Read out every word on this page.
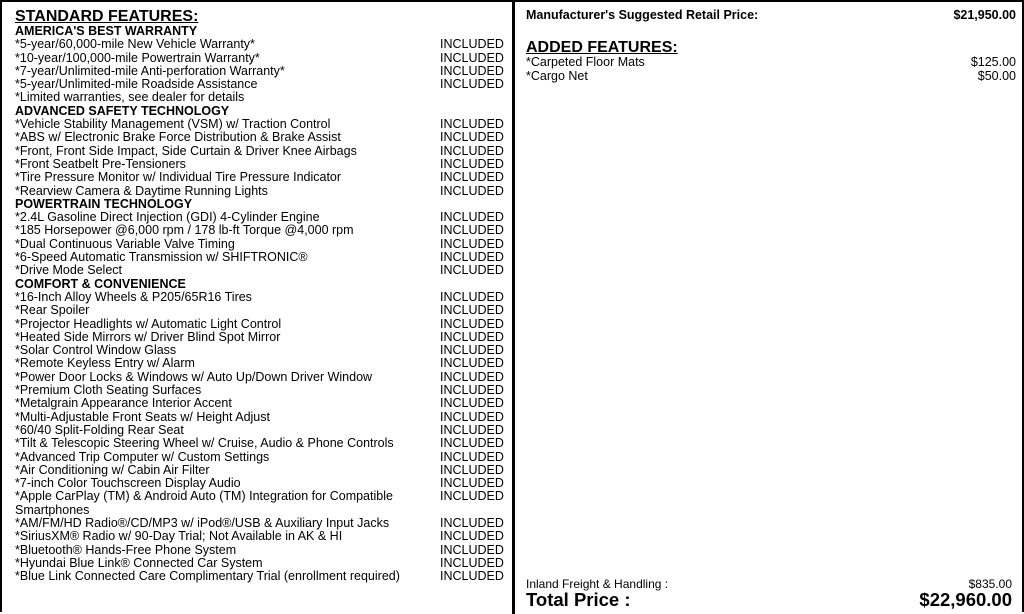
STANDARD FEATURES:
AMERICA'S BEST WARRANTY
*5-year/60,000-mile New Vehicle Warranty*	INCLUDED
*10-year/100,000-mile Powertrain Warranty*	INCLUDED
*7-year/Unlimited-mile Anti-perforation Warranty*	INCLUDED
*5-year/Unlimited-mile Roadside Assistance	INCLUDED
*Limited warranties, see dealer for details
ADVANCED SAFETY TECHNOLOGY
*Vehicle Stability Management (VSM) w/ Traction Control	INCLUDED
*ABS w/ Electronic Brake Force Distribution & Brake Assist	INCLUDED
*Front, Front Side Impact, Side Curtain & Driver Knee Airbags	INCLUDED
*Front Seatbelt Pre-Tensioners	INCLUDED
*Tire Pressure Monitor w/ Individual Tire Pressure Indicator	INCLUDED
*Rearview Camera & Daytime Running Lights	INCLUDED
POWERTRAIN TECHNOLOGY
*2.4L Gasoline Direct Injection (GDI) 4-Cylinder Engine	INCLUDED
*185 Horsepower @6,000 rpm / 178 lb-ft Torque @4,000 rpm	INCLUDED
*Dual Continuous Variable Valve Timing	INCLUDED
*6-Speed Automatic Transmission w/ SHIFTRONIC®	INCLUDED
*Drive Mode Select	INCLUDED
COMFORT & CONVENIENCE
*16-Inch Alloy Wheels & P205/65R16 Tires	INCLUDED
*Rear Spoiler	INCLUDED
*Projector Headlights w/ Automatic Light Control	INCLUDED
*Heated Side Mirrors w/ Driver Blind Spot Mirror	INCLUDED
*Solar Control Window Glass	INCLUDED
*Remote Keyless Entry w/ Alarm	INCLUDED
*Power Door Locks & Windows w/ Auto Up/Down Driver Window	INCLUDED
*Premium Cloth Seating Surfaces	INCLUDED
*Metalgrain Appearance Interior Accent	INCLUDED
*Multi-Adjustable Front Seats w/ Height Adjust	INCLUDED
*60/40 Split-Folding Rear Seat	INCLUDED
*Tilt & Telescopic Steering Wheel w/ Cruise, Audio & Phone Controls	INCLUDED
*Advanced Trip Computer w/ Custom Settings	INCLUDED
*Air Conditioning w/ Cabin Air Filter	INCLUDED
*7-inch Color Touchscreen Display Audio	INCLUDED
*Apple CarPlay (TM) & Android Auto (TM) Integration for Compatible Smartphones
INCLUDED
*AM/FM/HD Radio®/CD/MP3 w/ iPod®/USB & Auxiliary Input Jacks	INCLUDED
*SiriusXM® Radio w/ 90-Day Trial; Not Available in AK & HI	INCLUDED
*Bluetooth® Hands-Free Phone System	INCLUDED
*Hyundai Blue Link® Connected Car System	INCLUDED
*Blue Link Connected Care Complimentary Trial (enrollment required)	INCLUDED
Manufacturer's Suggested Retail Price:	$21,950.00
ADDED FEATURES:
*Carpeted Floor Mats	$125.00
*Cargo Net	$50.00
Inland Freight & Handling :	$835.00
Total Price :	$22,960.00
